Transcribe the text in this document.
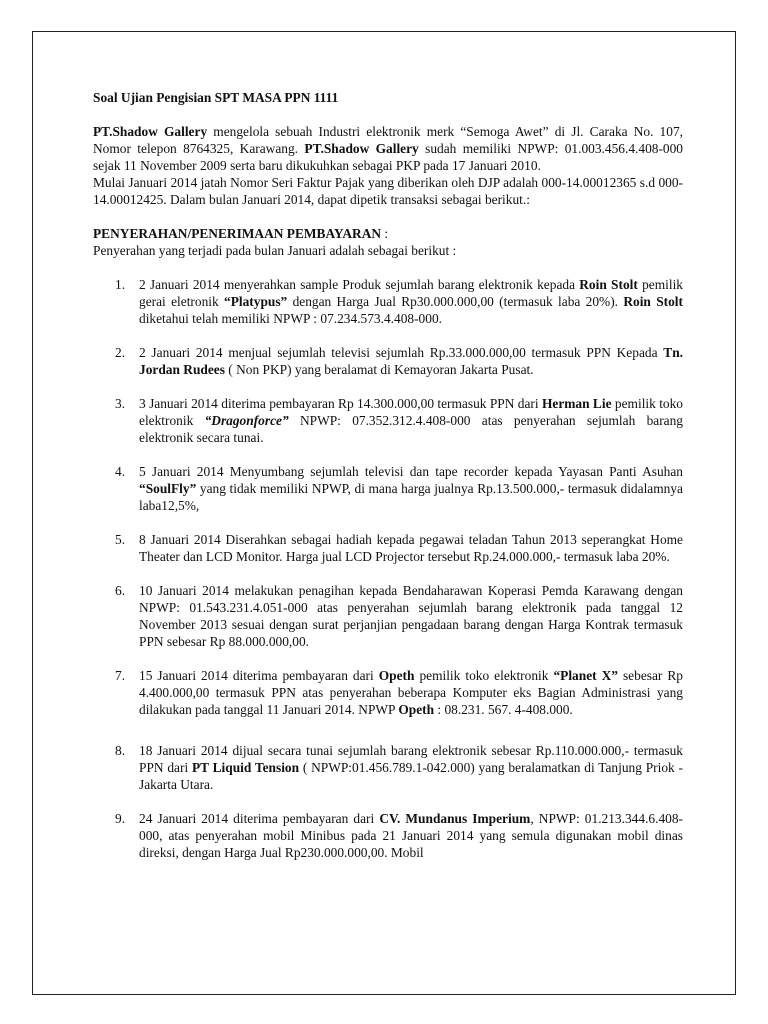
Soal Ujian Pengisian SPT MASA PPN 1111

PT.Shadow Gallery mengelola sebuah Industri elektronik merk “Semoga Awet” di Jl. Caraka No. 107, Nomor telepon 8764325, Karawang. PT.Shadow Gallery sudah memiliki NPWP: 01.003.456.4.408-000 sejak 11 November 2009 serta baru dikukuhkan sebagai PKP pada 17 Januari 2010.

Mulai Januari 2014 jatah Nomor Seri Faktur Pajak yang diberikan oleh DJP adalah 000-14.00012365 s.d 000-14.00012425. Dalam bulan Januari 2014, dapat dipetik transaksi sebagai berikut.:

PENYERAHAN/PENERIMAAN PEMBAYARAN :

Penyerahan yang terjadi pada bulan Januari adalah sebagai berikut :

1. 2 Januari 2014 menyerahkan sample Produk sejumlah barang elektronik kepada Roin Stolt pemilik gerai eletronik “Platypus” dengan Harga Jual Rp30.000.000,00 (termasuk laba 20%). Roin Stolt diketahui telah memiliki NPWP : 07.234.573.4.408-000.
2. 2 Januari 2014 menjual sejumlah televisi sejumlah Rp.33.000.000,00 termasuk PPN Kepada Tn. Jordan Rudees ( Non PKP) yang beralamat di Kemayoran Jakarta Pusat.
3. 3 Januari 2014 diterima pembayaran Rp 14.300.000,00 termasuk PPN dari Herman Lie pemilik toko elektronik “Dragonforce” NPWP: 07.352.312.4.408-000 atas penyerahan sejumlah barang elektronik secara tunai.
4. 5 Januari 2014 Menyumbang sejumlah televisi dan tape recorder kepada Yayasan Panti Asuhan “SoulFly” yang tidak memiliki NPWP, di mana harga jualnya Rp.13.500.000,- termasuk didalamnya laba12,5%,
5. 8 Januari 2014 Diserahkan sebagai hadiah kepada pegawai teladan Tahun 2013 seperangkat Home Theater dan LCD Monitor. Harga jual LCD Projector tersebut Rp.24.000.000,- termasuk laba 20%.
6. 10 Januari 2014 melakukan penagihan kepada Bendaharawan Koperasi Pemda Karawang dengan NPWP: 01.543.231.4.051-000 atas penyerahan sejumlah barang elektronik pada tanggal 12 November 2013 sesuai dengan surat perjanjian pengadaan barang dengan Harga Kontrak termasuk PPN sebesar Rp 88.000.000,00.
7. 15 Januari 2014 diterima pembayaran dari Opeth pemilik toko elektronik “Planet X” sebesar Rp 4.400.000,00 termasuk PPN atas penyerahan beberapa Komputer eks Bagian Administrasi yang dilakukan pada tanggal 11 Januari 2014. NPWP Opeth : 08.231. 567. 4-408.000.
8. 18 Januari 2014 dijual secara tunai sejumlah barang elektronik sebesar Rp.110.000.000,- termasuk PPN dari PT Liquid Tension ( NPWP:01.456.789.1-042.000) yang beralamatkan di Tanjung Priok - Jakarta Utara.
9. 24 Januari 2014 diterima pembayaran dari CV. Mundanus Imperium, NPWP: 01.213.344.6.408-000, atas penyerahan mobil Minibus pada 21 Januari 2014 yang semula digunakan mobil dinas direksi, dengan Harga Jual Rp230.000.000,00. Mobil
